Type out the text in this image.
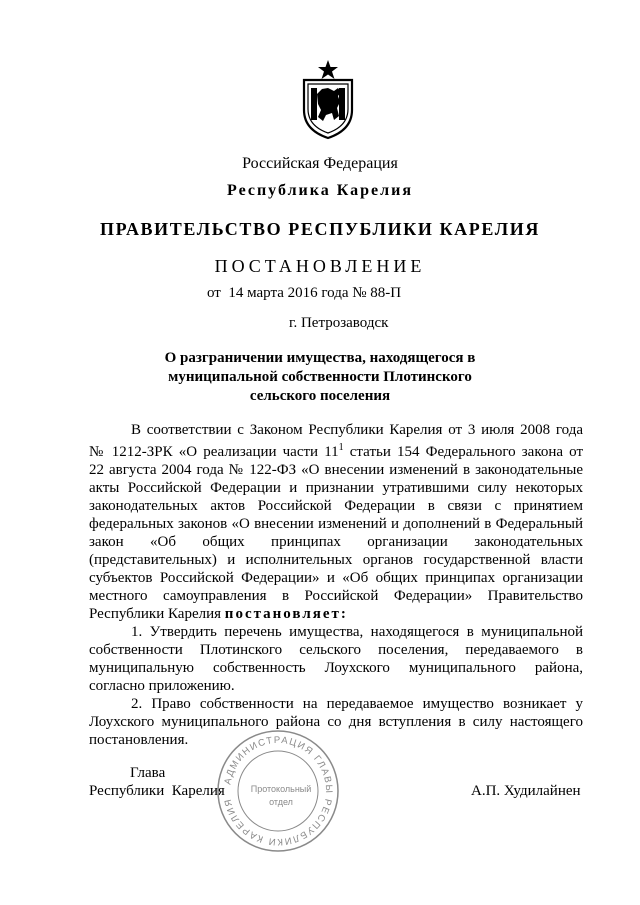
Российская Федерация
Республика Карелия
ПРАВИТЕЛЬСТВО РЕСПУБЛИКИ КАРЕЛИЯ
ПОСТАНОВЛЕНИЕ
от  14 марта 2016 года № 88-П
г. Петрозаводск
О разграничении имущества, находящегося в
муниципальной собственности Плотинского
сельского поселения

В соответствии с Законом Республики Карелия от 3 июля 2008 года

№ 1212-ЗРК «О реализации части $11^1$ статьи 154 Федерального закона от

22 августа 2004 года № 122-ФЗ «О внесении изменений в законодательные

акты Российской Федерации и признании утратившими силу некоторых

законодательных актов Российской Федерации в связи с принятием

федеральных законов «О внесении изменений и дополнений в Федеральный

закон «Об общих принципах организации законодательных

(представительных) и исполнительных органов государственной власти

субъектов Российской Федерации» и «Об общих принципах организации

местного самоуправления в Российской Федерации» Правительство

Республики Карелия постановляет:

1. Утвердить перечень имущества, находящегося в муниципальной

собственности Плотинского сельского поселения, передаваемого в

муниципальную собственность Лоухского муниципального района,

согласно приложению.

2. Право собственности на передаваемое имущество возникает у

Лоухского муниципального района со дня вступления в силу настоящего

постановления.

Глава
Республики  Карелия	А.П. Худилайнен
АДМИНИСТРАЦИЯ ГЛАВЫ РЕСПУБЛИКИ КАРЕЛИЯ
Протокольный
отдел
